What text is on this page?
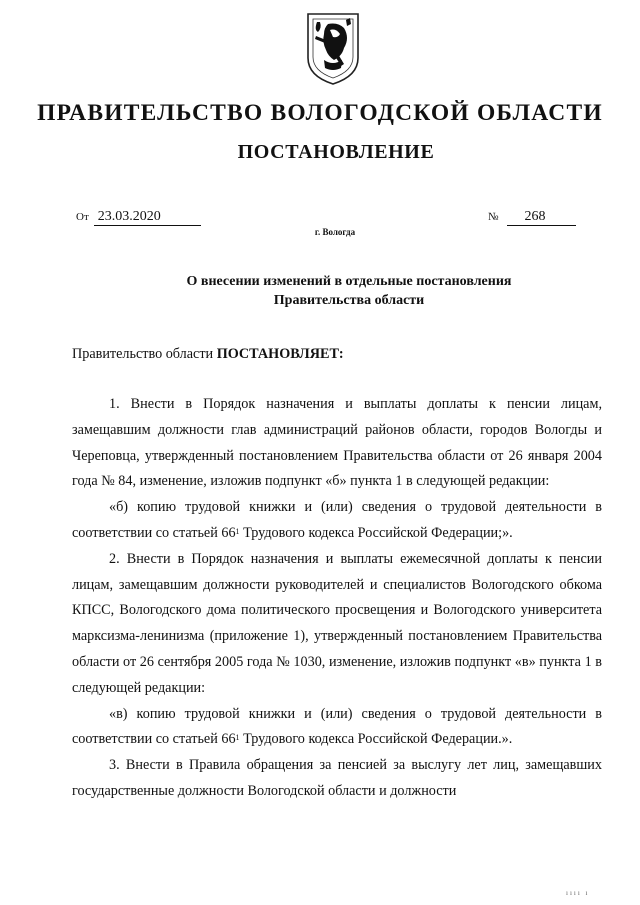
ПРАВИТЕЛЬСТВО ВОЛОГОДСКОЙ ОБЛАСТИ
ПОСТАНОВЛЕНИЕ
От 23.03.2020	№ 268
г. Вологда
О внесении изменений в отдельные постановления
Правительства области
Правительство области ПОСТАНОВЛЯЕТ:

1. Внести в Порядок назначения и выплаты доплаты к пенсии лицам, замещавшим должности глав администраций районов области, городов Вологды и Череповца, утвержденный постановлением Правительства области от 26 января 2004 года № 84, изменение, изложив подпункт «б» пункта 1 в следующей редакции:

«б) копию трудовой книжки и (или) сведения о трудовой деятельности в соответствии со статьей $66^1$ Трудового кодекса Российской Федерации;».

2. Внести в Порядок назначения и выплаты ежемесячной доплаты к пенсии лицам, замещавшим должности руководителей и специалистов Вологодского обкома КПСС, Вологодского дома политического просвещения и Вологодского университета марксизма-ленинизма (приложение 1), утвержденный постановлением Правительства области от 26 сентября 2005 года № 1030, изменение, изложив подпункт «в» пункта 1 в следующей редакции:

«в) копию трудовой книжки и (или) сведения о трудовой деятельности в соответствии со статьей $66^1$ Трудового кодекса Российской Федерации.».

3. Внести в Правила обращения за пенсией за выслугу лет лиц, замещавших государственные должности Вологодской области и должности

ıııı ı
